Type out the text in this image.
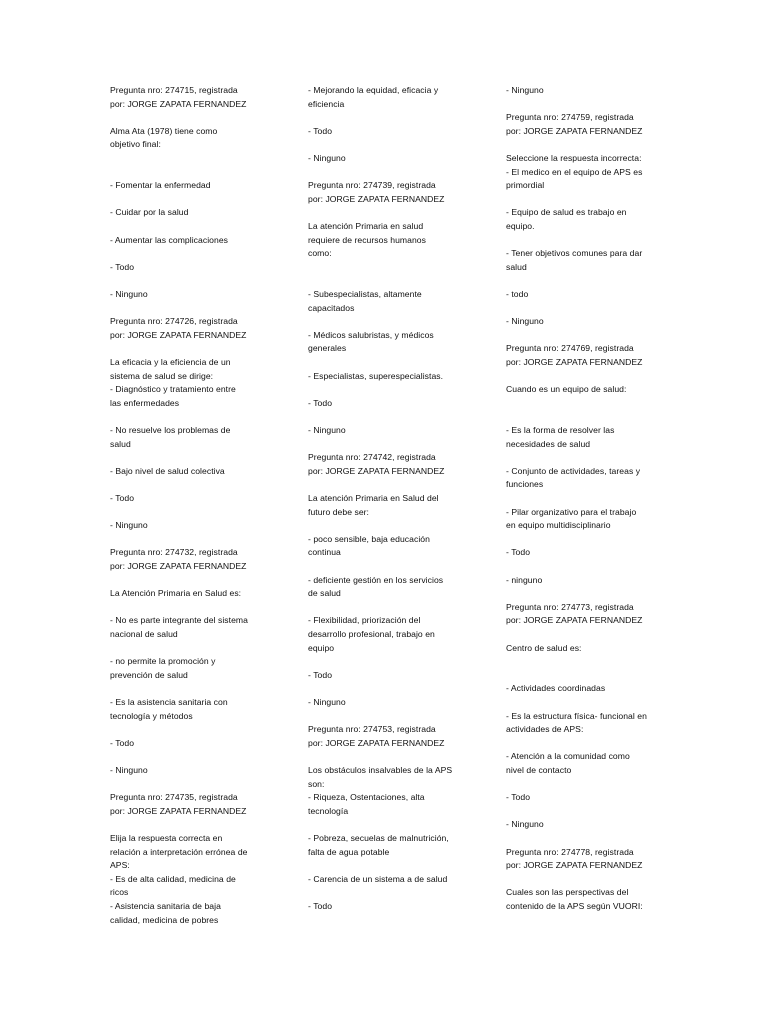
Pregunta nro: 274715, registrada
por: JORGE ZAPATA FERNANDEZ
Alma Ata (1978) tiene como
objetivo final:
- Fomentar la enfermedad
- Cuidar por la salud
- Aumentar las complicaciones
- Todo
- Ninguno
Pregunta nro: 274726, registrada
por: JORGE ZAPATA FERNANDEZ
La eficacia y la eficiencia de un
sistema de salud se dirige:
- Diagnóstico y tratamiento entre
las enfermedades
- No resuelve los problemas de
salud
- Bajo nivel de salud colectiva
- Todo
- Ninguno
Pregunta nro: 274732, registrada
por: JORGE ZAPATA FERNANDEZ
La Atención Primaria en Salud es:
- No es parte integrante del sistema
nacional de salud
- no permite la promoción y
prevención de salud
- Es la asistencia sanitaria con
tecnología y métodos
- Todo
- Ninguno
Pregunta nro: 274735, registrada
por: JORGE ZAPATA FERNANDEZ
Elija la respuesta correcta en
relación a interpretación errónea de
APS:
- Es de alta calidad, medicina de
ricos
- Asistencia sanitaria de baja
calidad, medicina de pobres
- Mejorando la equidad, eficacia y
eficiencia
- Todo
- Ninguno
Pregunta nro: 274739, registrada
por: JORGE ZAPATA FERNANDEZ
La atención Primaria en salud
requiere de recursos humanos
como:
- Subespecialistas, altamente
capacitados
- Médicos salubristas, y médicos
generales
- Especialistas, superespecialistas.
- Todo
- Ninguno
Pregunta nro: 274742, registrada
por: JORGE ZAPATA FERNANDEZ
La atención Primaria en Salud del
futuro debe ser:
- poco sensible, baja educación
continua
- deficiente gestión en los servicios
de salud
- Flexibilidad, priorización del
desarrollo profesional, trabajo en
equipo
- Todo
- Ninguno
Pregunta nro: 274753, registrada
por: JORGE ZAPATA FERNANDEZ
Los obstáculos insalvables de la APS
son:
- Riqueza, Ostentaciones, alta
tecnología
- Pobreza, secuelas de malnutrición,
falta de agua potable
- Carencia de un sistema a de salud
- Todo
- Ninguno
Pregunta nro: 274759, registrada
por: JORGE ZAPATA FERNANDEZ
Seleccione la respuesta incorrecta:
- El medico en el equipo de APS es
primordial
- Equipo de salud es trabajo en
equipo.
- Tener objetivos comunes para dar
salud
- todo
- Ninguno
Pregunta nro: 274769, registrada
por: JORGE ZAPATA FERNANDEZ
Cuando es un equipo de salud:
- Es la forma de resolver las
necesidades de salud
- Conjunto de actividades, tareas y
funciones
- Pilar organizativo para el trabajo
en equipo multidisciplinario
- Todo
- ninguno
Pregunta nro: 274773, registrada
por: JORGE ZAPATA FERNANDEZ
Centro de salud es:
- Actividades coordinadas
- Es la estructura física- funcional en
actividades de APS:
- Atención a la comunidad como
nivel de contacto
- Todo
- Ninguno
Pregunta nro: 274778, registrada
por: JORGE ZAPATA FERNANDEZ
Cuales son las perspectivas del
contenido de la APS según VUORI:
